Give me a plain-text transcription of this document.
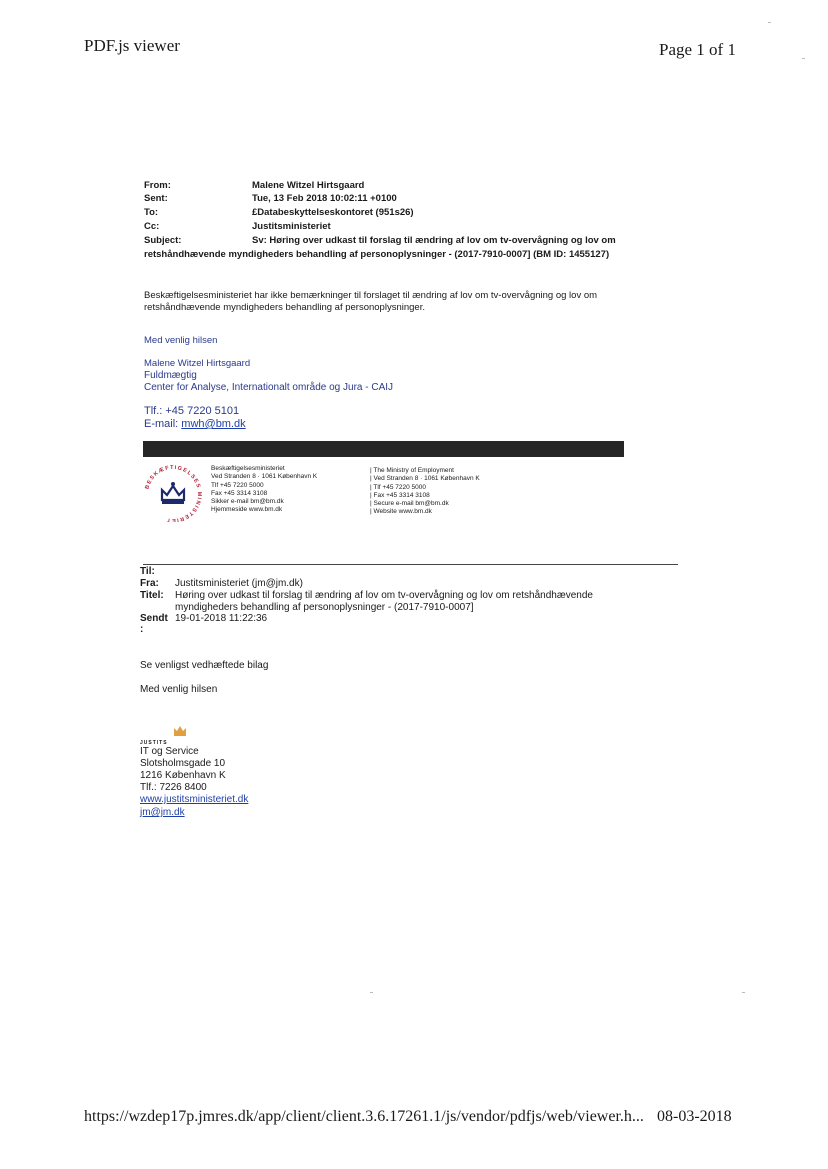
PDF.js viewer	Page 1 of 1
From:	Malene Witzel Hirtsgaard
Sent:	Tue, 13 Feb 2018 10:02:11 +0100
To:	£Databeskyttelseskontoret (951s26)
Cc:	Justitsministeriet
Subject:	Sv: Høring over udkast til forslag til ændring af lov om tv-overvågning og lov om
retshåndhævende myndigheders behandling af personoplysninger - (2017-7910-0007] (BM ID: 1455127)
Beskæftigelsesministeriet har ikke bemærkninger til forslaget til ændring af lov om tv-overvågning og lov om
retshåndhævende myndigheders behandling af personoplysninger.
Med venlig hilsen
Malene Witzel Hirtsgaard
Fuldmægtig
Center for Analyse, Internationalt område og Jura - CAIJ
Tlf.: +45 7220 5101
E-mail: mwh@bm.dk
BESKÆFTIGELSES MINISTERIET
Beskæftigelsesministeriet
Ved Stranden 8 · 1061 København K
Tlf +45 7220 5000
Fax +45 3314 3108
Sikker e-mail bm@bm.dk
Hjemmeside www.bm.dk
| The Ministry of Employment
| Ved Stranden 8 · 1061 København K
| Tlf +45 7220 5000
| Fax +45 3314 3108
| Secure e-mail bm@bm.dk
| Website www.bm.dk
Til:
Fra: Justitsministeriet (jm@jm.dk)
Titel: Høring over udkast til forslag til ændring af lov om tv-overvågning og lov om retshåndhævende
myndigheders behandling af personoplysninger - (2017-7910-0007]
Sendt 19-01-2018 11:22:36
:
Se venligst vedhæftede bilag
Med venlig hilsen
JUSTITS
IT og Service
Slotsholmsgade 10
1216 København K
Tlf.: 7226 8400
www.justitsministeriet.dk
jm@jm.dk
https://wzdep17p.jmres.dk/app/client/client.3.6.17261.1/js/vendor/pdfjs/web/viewer.h... 08-03-2018
